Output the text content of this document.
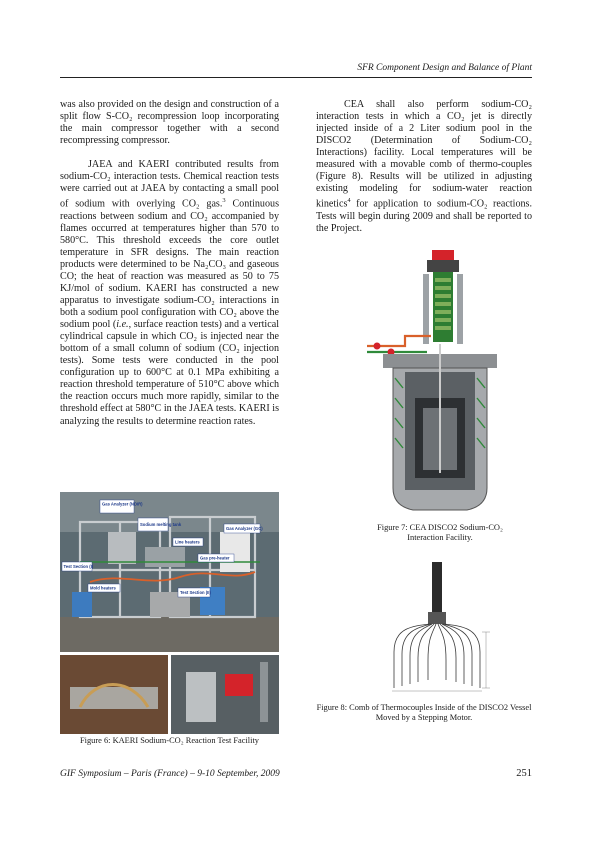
SFR Component Design and Balance of Plant

was also provided on the design and construction of a split flow S-CO₂ recompression loop incorporating the main compressor together with a second recompressing compressor.

JAEA and KAERI contributed results from sodium-CO₂ interaction tests. Chemical reaction tests were carried out at JAEA by contacting a small pool of sodium with overlying CO₂ gas.$^3$ Continuous reactions between sodium and CO₂ accompanied by flames occurred at temperatures higher than 570 to 580°C. This threshold exceeds the core outlet temperature in SFR designs. The main reaction products were determined to be Na₂CO₃ and gaseous CO; the heat of reaction was measured as 50 to 75 KJ/mol of sodium. KAERI has constructed a new apparatus to investigate sodium-CO₂ interactions in both a sodium pool configuration with CO₂ above the sodium pool (i.e., surface reaction tests) and a vertical cylindrical capsule in which CO₂ is injected near the bottom of a small column of sodium (CO₂ injection tests). Some tests were conducted in the pool configuration up to 600°C at 0.1 MPa exhibiting a reaction threshold temperature of 510°C above which the reaction occurs much more rapidly, similar to the threshold effect at 580°C in the JAEA tests. KAERI is analyzing the results to determine reaction rates.

CEA shall also perform sodium-CO₂ interaction tests in which a CO₂ jet is directly injected inside of a 2 Liter sodium pool in the DISCO2 (Determination of Sodium-CO₂ Interactions) facility. Local temperatures will be measured with a movable comb of thermo-couples (Figure 8). Results will be utilized in adjusting existing modeling for sodium-water reaction kinetics$^4$ for application to sodium-CO₂ reactions. Tests will begin during 2009 and shall be reported to the Project.

Gas Analyzer (NDIR)
Sodium melting tank
Line heaters
Gas Analyzer (GC)
Test Section (I)
Gas pre-heater
Mold heaters
Test Section (II)
Figure 6: KAERI Sodium-CO₂ Reaction Test Facility
Figure 7: CEA DISCO2 Sodium-CO₂ Interaction Facility.
Figure 8: Comb of Thermocouples Inside of the DISCO2 Vessel Moved by a Stepping Motor.
GIF Symposium – Paris (France) – 9-10 September, 2009	251
